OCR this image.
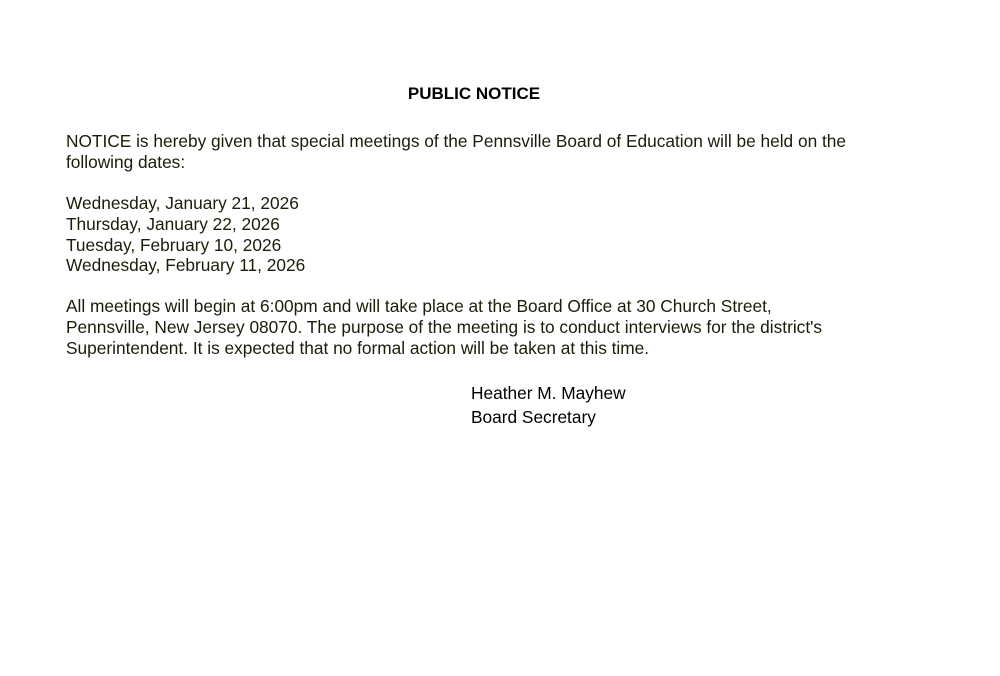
PUBLIC NOTICE
NOTICE is hereby given that special meetings of the Pennsville Board of Education will be held on the
following dates:
Wednesday, January 21, 2026
Thursday, January 22, 2026
Tuesday, February 10, 2026
Wednesday, February 11, 2026
All meetings will begin at 6:00pm and will take place at the Board Office at 30 Church Street,
Pennsville, New Jersey 08070. The purpose of the meeting is to conduct interviews for the district's
Superintendent. It is expected that no formal action will be taken at this time.
Heather M. Mayhew
Board Secretary
